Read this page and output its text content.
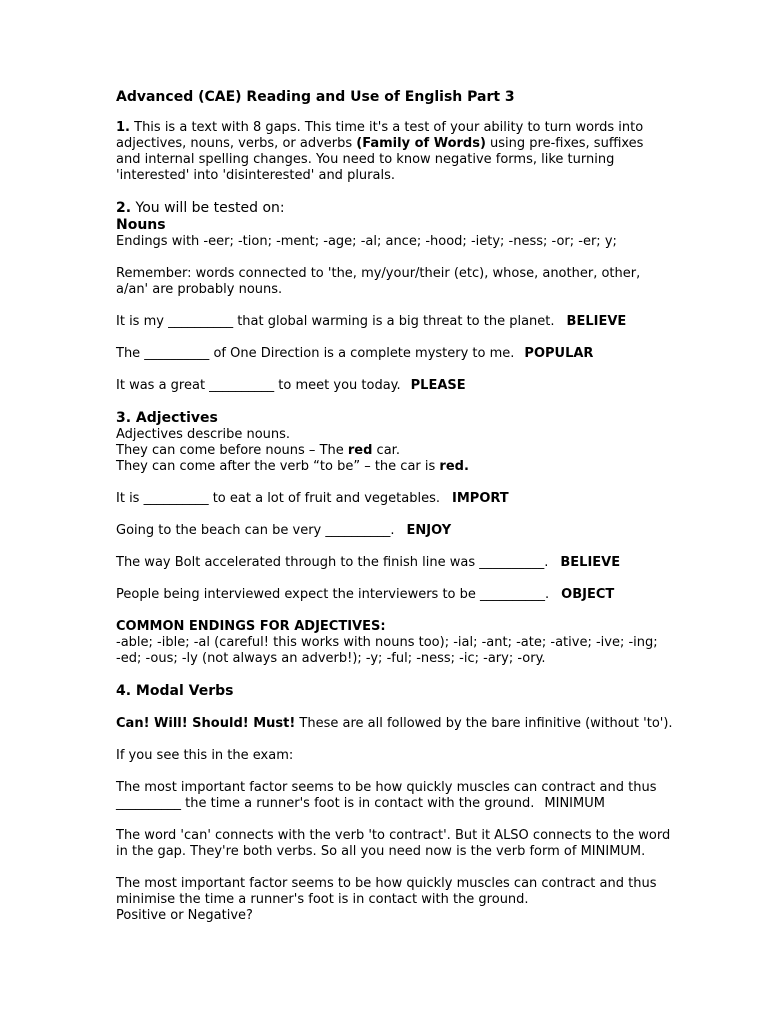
Advanced (CAE) Reading and Use of English Part 3
1. This is a text with 8 gaps. This time it's a test of your ability to turn words into
adjectives, nouns, verbs, or adverbs (Family of Words) using pre-fixes, suffixes
and internal spelling changes. You need to know negative forms, like turning
'interested' into 'disinterested' and plurals.
2. You will be tested on:
Nouns
Endings with -eer; -tion; -ment; -age; -al; ance; -hood; -iety; -ness; -or; -er; y;
Remember: words connected to 'the, my/your/their (etc), whose, another, other,
a/an' are probably nouns.
It is my __________ that global warming is a big threat to the planet. BELIEVE
The __________ of One Direction is a complete mystery to me. POPULAR
It was a great __________ to meet you today. PLEASE
3. Adjectives
Adjectives describe nouns.
They can come before nouns – The red car.
They can come after the verb “to be” – the car is red.
It is __________ to eat a lot of fruit and vegetables. IMPORT
Going to the beach can be very __________. ENJOY
The way Bolt accelerated through to the finish line was __________. BELIEVE
People being interviewed expect the interviewers to be __________. OBJECT
COMMON ENDINGS FOR ADJECTIVES:
-able; -ible; -al (careful! this works with nouns too); -ial; -ant; -ate; -ative; -ive; -ing;
-ed; -ous; -ly (not always an adverb!); -y; -ful; -ness; -ic; -ary; -ory.
4. Modal Verbs
Can! Will! Should! Must! These are all followed by the bare infinitive (without 'to').
If you see this in the exam:
The most important factor seems to be how quickly muscles can contract and thus
__________ the time a runner's foot is in contact with the ground. MINIMUM
The word 'can' connects with the verb 'to contract'. But it ALSO connects to the word
in the gap. They're both verbs. So all you need now is the verb form of MINIMUM.
The most important factor seems to be how quickly muscles can contract and thus
minimise the time a runner's foot is in contact with the ground.
Positive or Negative?
